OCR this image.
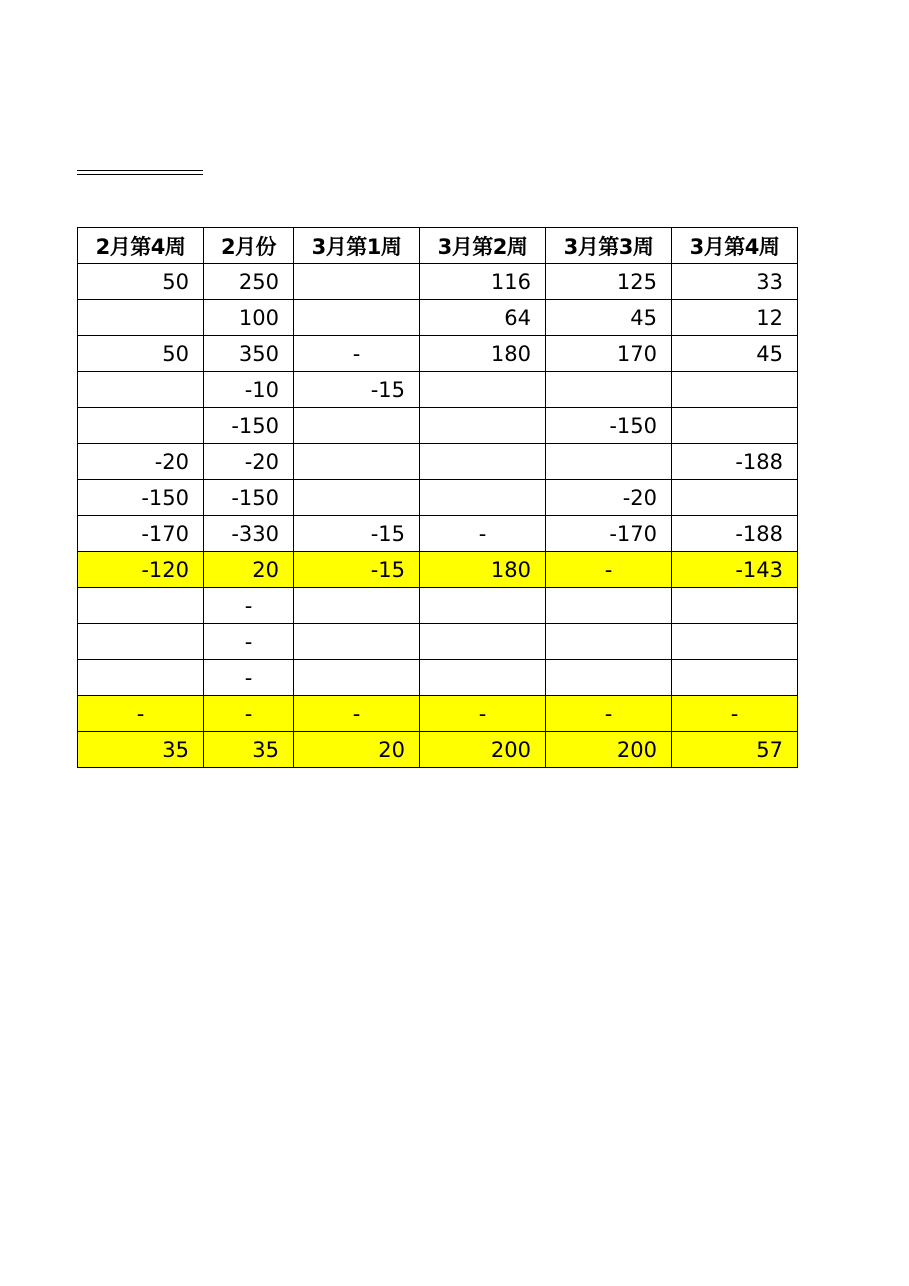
2月第4周	2月份	3月第1周	3月第2周	3月第3周	3月第4周
50	250		116	125	33
	100		64	45	12
50	350	-	180	170	45
	-10	-15			
	-150			-150	
-20	-20				-188
-150	-150			-20	
-170	-330	-15	-	-170	-188
-120	20	-15	180	-	-143
	-				
	-				
	-				
-	-	-	-	-	-
35	35	20	200	200	57
